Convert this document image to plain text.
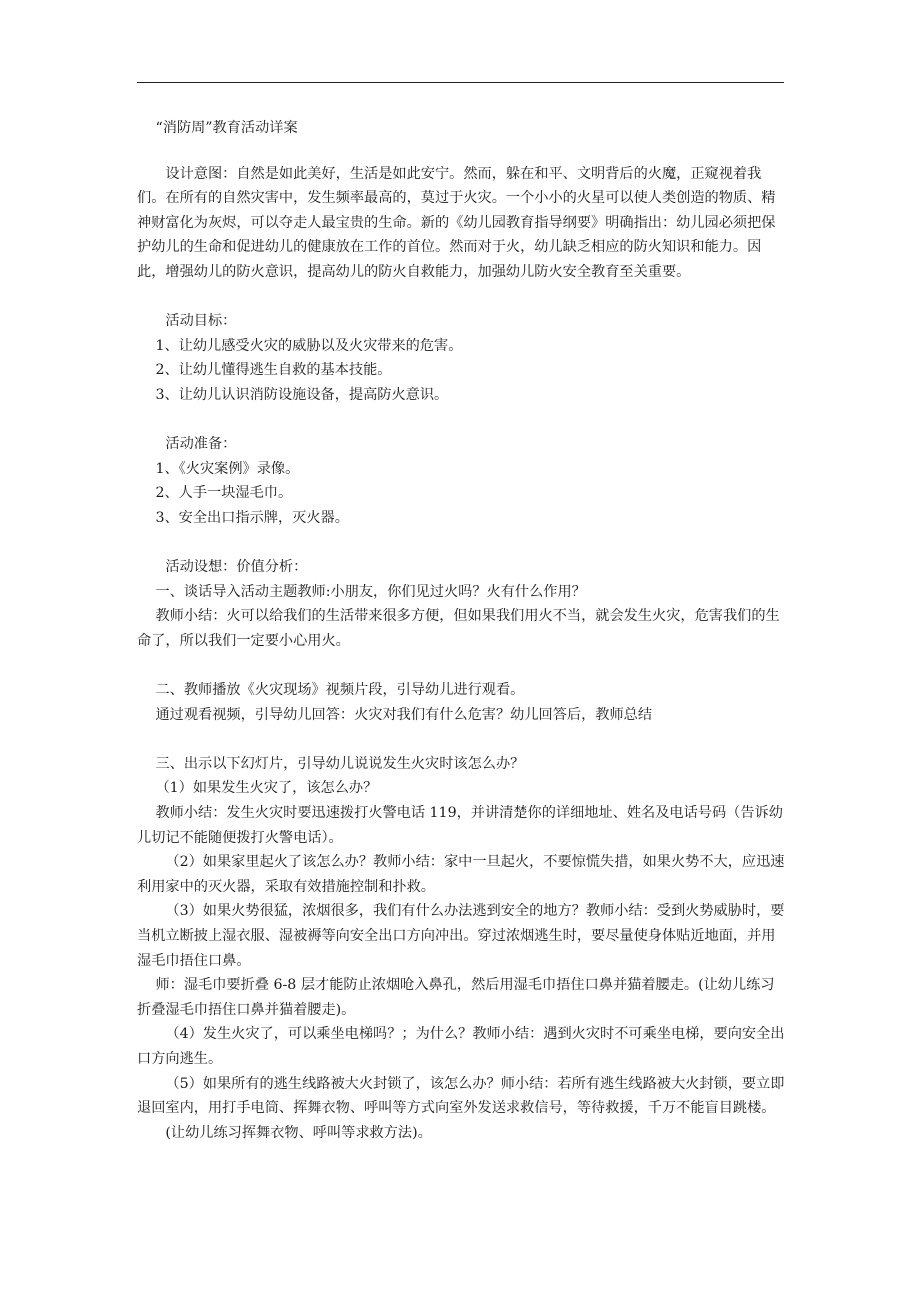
“消防周”教育活动详案

设计意图：自然是如此美好，生活是如此安宁。然而，躲在和平、文明背后的火魔，正窥视着我们。在所有的自然灾害中，发生频率最高的，莫过于火灾。一个小小的火星可以使人类创造的物质、精神财富化为灰烬，可以夺走人最宝贵的生命。新的《幼儿园教育指导纲要》明确指出：幼儿园必须把保护幼儿的生命和促进幼儿的健康放在工作的首位。然而对于火，幼儿缺乏相应的防火知识和能力。因此，增强幼儿的防火意识，提高幼儿的防火自救能力，加强幼儿防火安全教育至关重要。

活动目标：

1、让幼儿感受火灾的威胁以及火灾带来的危害。

2、让幼儿懂得逃生自救的基本技能。

3、让幼儿认识消防设施设备，提高防火意识。

活动准备：

1、《火灾案例》录像。

2、人手一块湿毛巾。

3、安全出口指示牌，灭火器。

活动设想：价值分析：

一、谈话导入活动主题教师:小朋友，你们见过火吗？火有什么作用？

教师小结：火可以给我们的生活带来很多方便，但如果我们用火不当，就会发生火灾，危害我们的生命了，所以我们一定要小心用火。

二、教师播放《火灾现场》视频片段，引导幼儿进行观看。

通过观看视频，引导幼儿回答：火灾对我们有什么危害？幼儿回答后，教师总结

三、出示以下幻灯片，引导幼儿说说发生火灾时该怎么办？

（1）如果发生火灾了，该怎么办？

教师小结：发生火灾时要迅速拨打火警电话 119，并讲清楚你的详细地址、姓名及电话号码（告诉幼儿切记不能随便拨打火警电话）。

（2）如果家里起火了该怎么办？教师小结：家中一旦起火，不要惊慌失措，如果火势不大，应迅速利用家中的灭火器，采取有效措施控制和扑救。

（3）如果火势很猛，浓烟很多，我们有什么办法逃到安全的地方？教师小结：受到火势威胁时，要当机立断披上湿衣服、湿被褥等向安全出口方向冲出。穿过浓烟逃生时，要尽量使身体贴近地面，并用湿毛巾捂住口鼻。

师：湿毛巾要折叠 6-8 层才能防止浓烟呛入鼻孔，然后用湿毛巾捂住口鼻并猫着腰走。(让幼儿练习折叠湿毛巾捂住口鼻并猫着腰走)。

（4）发生火灾了，可以乘坐电梯吗？；为什么？教师小结：遇到火灾时不可乘坐电梯，要向安全出口方向逃生。

（5）如果所有的逃生线路被大火封锁了，该怎么办？师小结：若所有逃生线路被大火封锁，要立即退回室内，用打手电筒、挥舞衣物、呼叫等方式向室外发送求救信号，等待救援，千万不能盲目跳楼。

(让幼儿练习挥舞衣物、呼叫等求救方法)。
